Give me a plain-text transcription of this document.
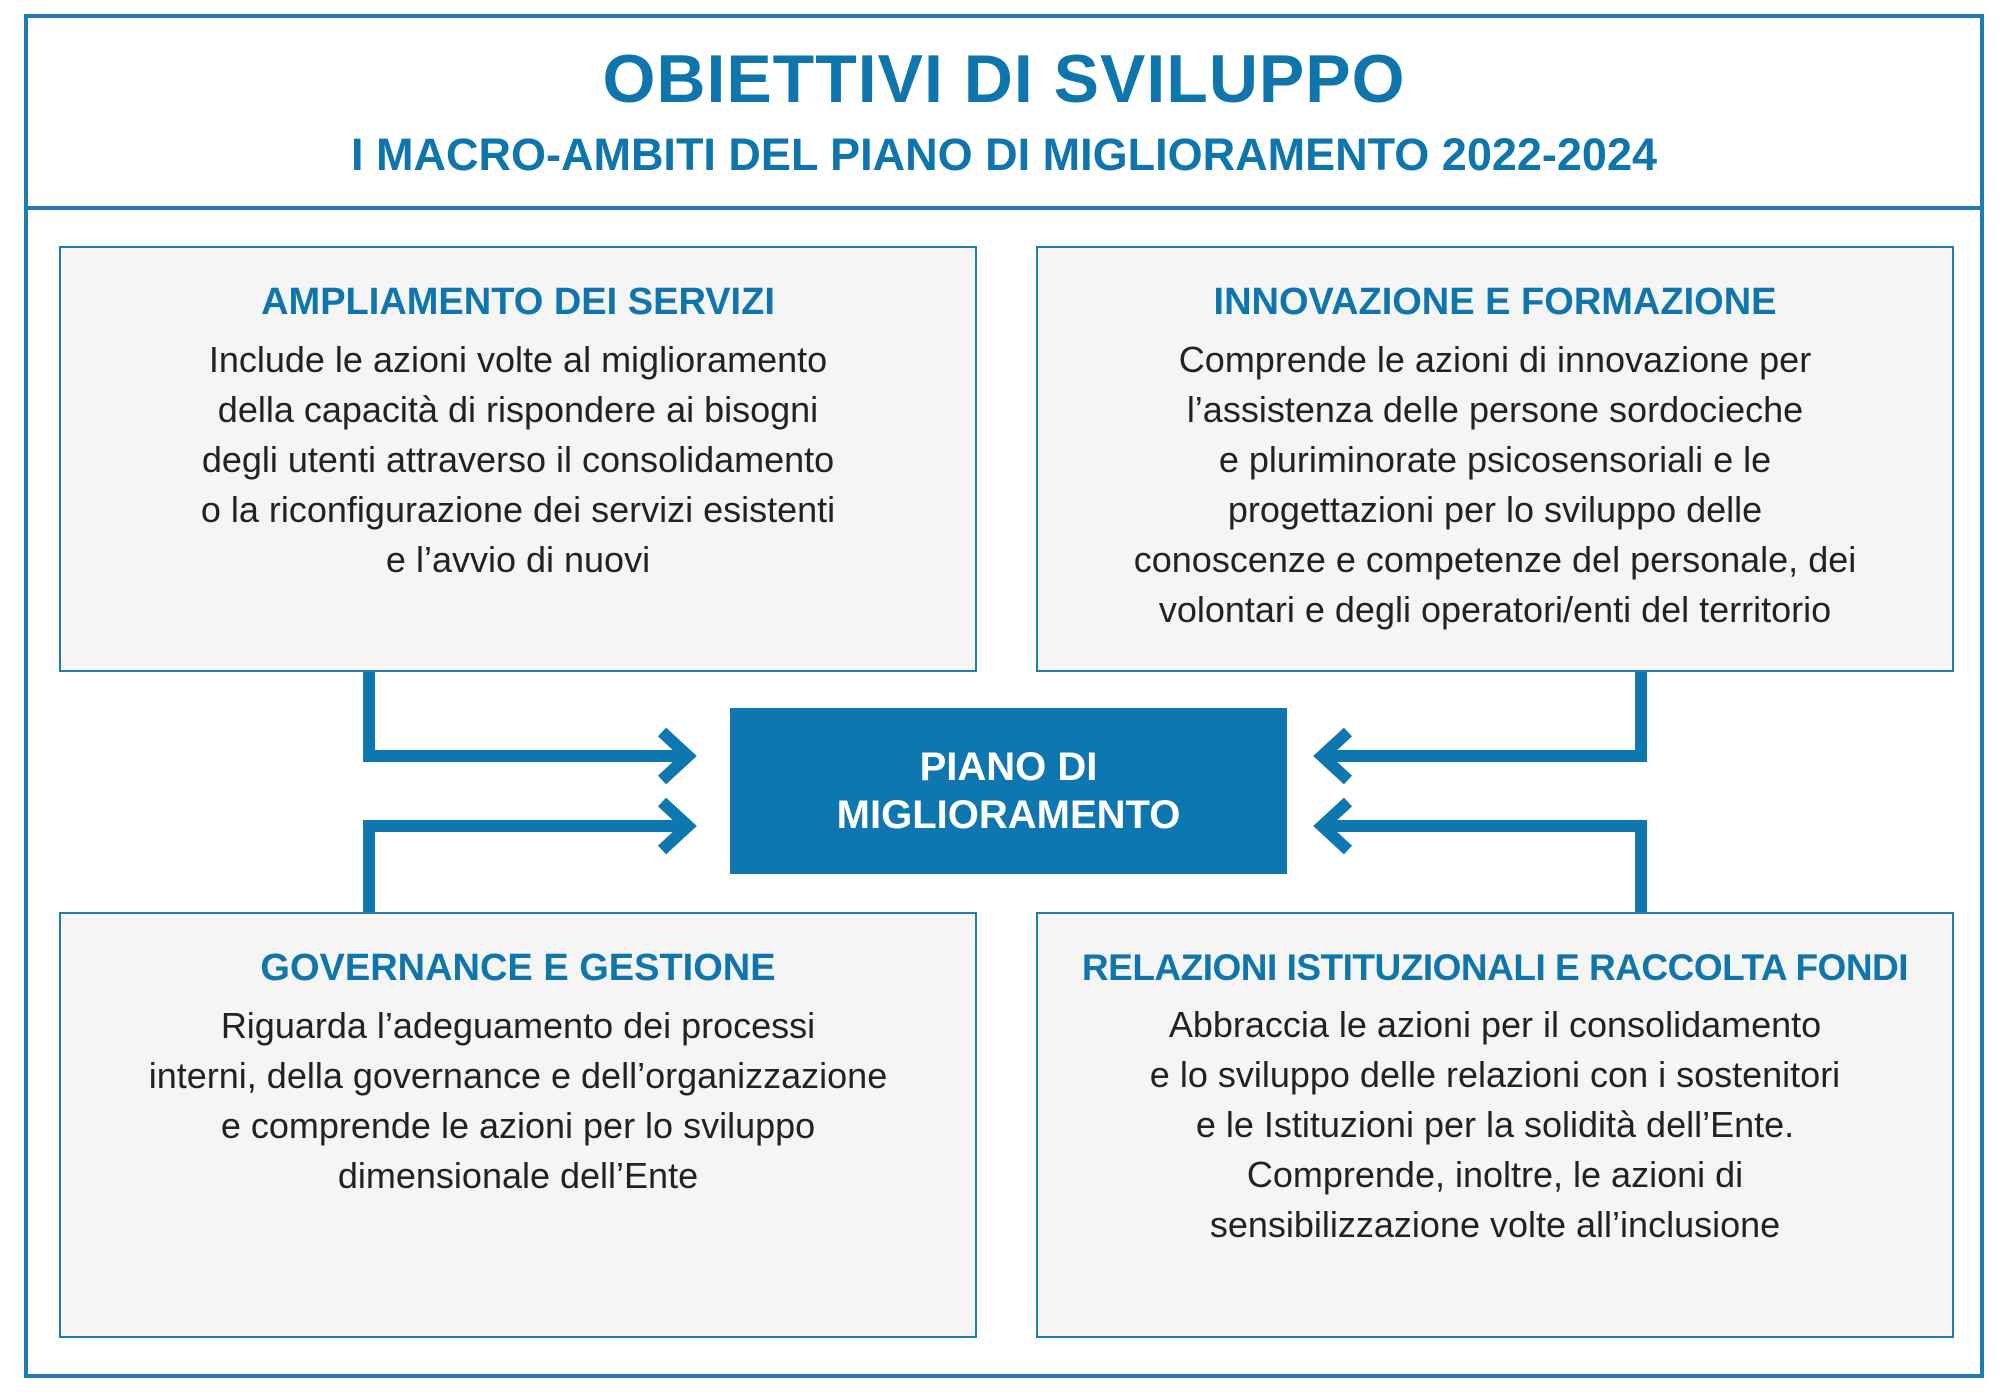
OBIETTIVI DI SVILUPPO
I MACRO-AMBITI DEL PIANO DI MIGLIORAMENTO 2022-2024
AMPLIAMENTO DEI SERVIZI
Include le azioni volte al miglioramento
della capacità di rispondere ai bisogni
degli utenti attraverso il consolidamento
o la riconfigurazione dei servizi esistenti
e l’avvio di nuovi
INNOVAZIONE E FORMAZIONE
Comprende le azioni di innovazione per
l’assistenza delle persone sordocieche
e pluriminorate psicosensoriali e le
progettazioni per lo sviluppo delle
conoscenze e competenze del personale, dei
volontari e degli operatori/enti del territorio
GOVERNANCE E GESTIONE
Riguarda l’adeguamento dei processi
interni, della governance e dell’organizzazione
e comprende le azioni per lo sviluppo
dimensionale dell’Ente
RELAZIONI ISTITUZIONALI E RACCOLTA FONDI
Abbraccia le azioni per il consolidamento
e lo sviluppo delle relazioni con i sostenitori
e le Istituzioni per la solidità dell’Ente.
Comprende, inoltre, le azioni di
sensibilizzazione volte all’inclusione
PIANO DI
MIGLIORAMENTO
